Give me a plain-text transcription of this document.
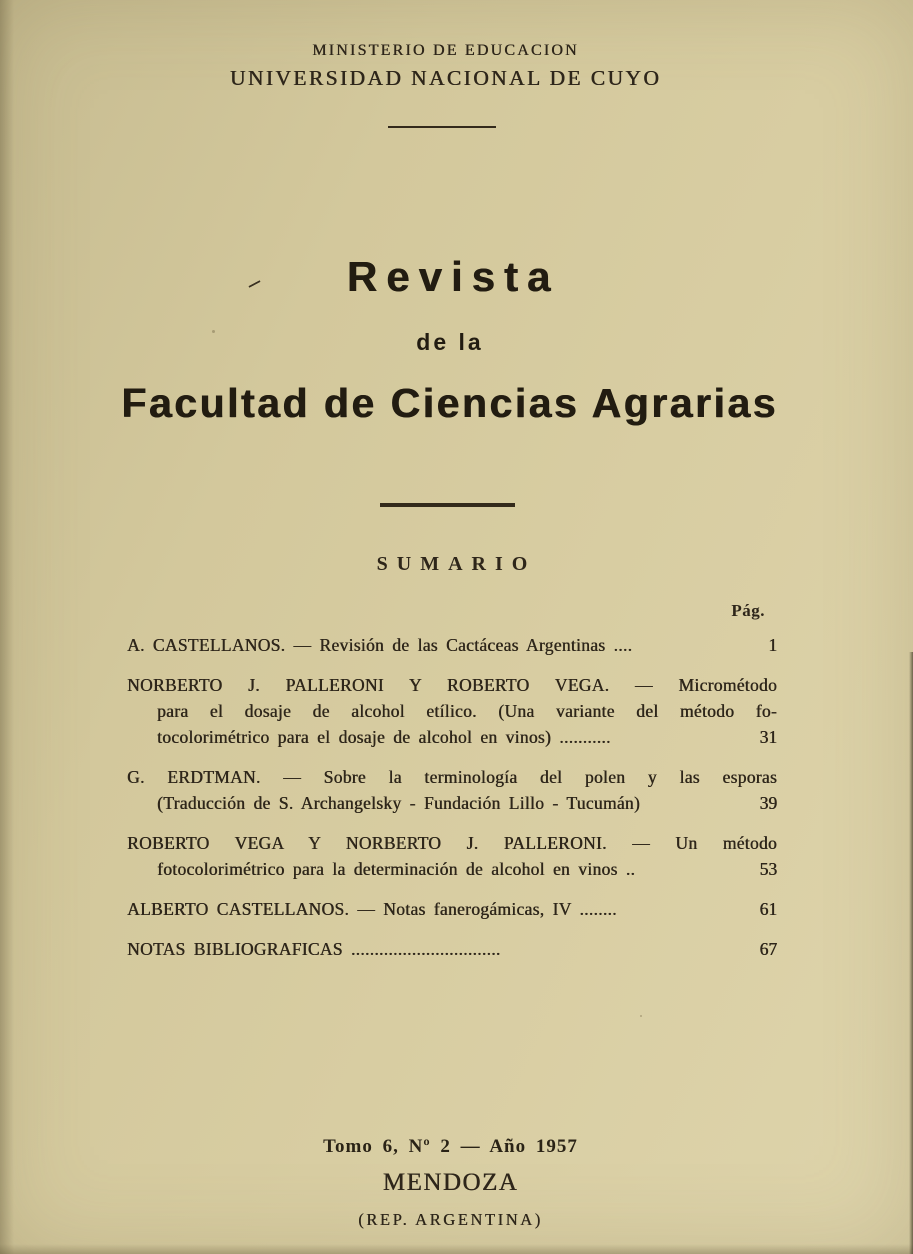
MINISTERIO DE EDUCACION
UNIVERSIDAD NACIONAL DE CUYO
Revista
de la
Facultad de Ciencias Agrarias
SUMARIO
Pág.
A. CASTELLANOS. — Revisión de las Cactáceas Argentinas ....	1
NORBERTO J. PALLERONI Y ROBERTO VEGA. — Micrométodo
para el dosaje de alcohol etílico. (Una variante del método fo-
tocolorimétrico para el dosaje de alcohol en vinos) ...........	31
G. ERDTMAN. — Sobre la terminología del polen y las esporas
(Traducción de S. Archangelsky - Fundación Lillo - Tucumán)	39
ROBERTO VEGA Y NORBERTO J. PALLERONI. — Un método
fotocolorimétrico para la determinación de alcohol en vinos ..	53
ALBERTO CASTELLANOS. — Notas fanerogámicas, IV ........	61
NOTAS BIBLIOGRAFICAS ................................	67
Tomo 6, Nº 2 — Año 1957
MENDOZA
(REP. ARGENTINA)
